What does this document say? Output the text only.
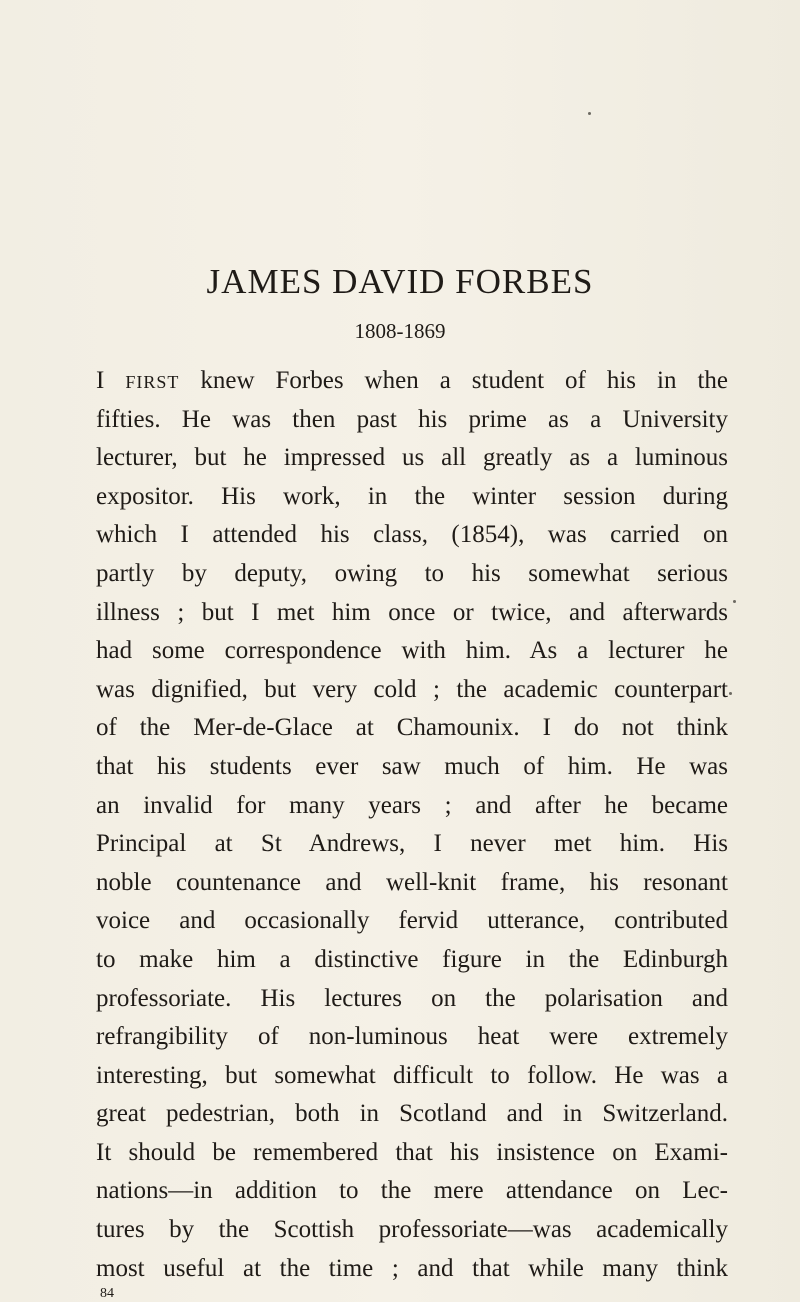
JAMES DAVID FORBES

1808-1869

I first knew Forbes when a student of his in the
fifties. He was then past his prime as a University
lecturer, but he impressed us all greatly as a luminous
expositor. His work, in the winter session during
which I attended his class, (1854), was carried on
partly by deputy, owing to his somewhat serious
illness ; but I met him once or twice, and afterwards
had some correspondence with him. As a lecturer he
was dignified, but very cold ; the academic counterpart
of the Mer-de-Glace at Chamounix. I do not think
that his students ever saw much of him. He was
an invalid for many years ; and after he became
Principal at St Andrews, I never met him. His
noble countenance and well-knit frame, his resonant
voice and occasionally fervid utterance, contributed
to make him a distinctive figure in the Edinburgh
professoriate. His lectures on the polarisation and
refrangibility of non-luminous heat were extremely
interesting, but somewhat difficult to follow. He was a
great pedestrian, both in Scotland and in Switzerland.
It should be remembered that his insistence on Exami-
nations—in addition to the mere attendance on Lec-
tures by the Scottish professoriate—was academically
most useful at the time ; and that while many think

84
